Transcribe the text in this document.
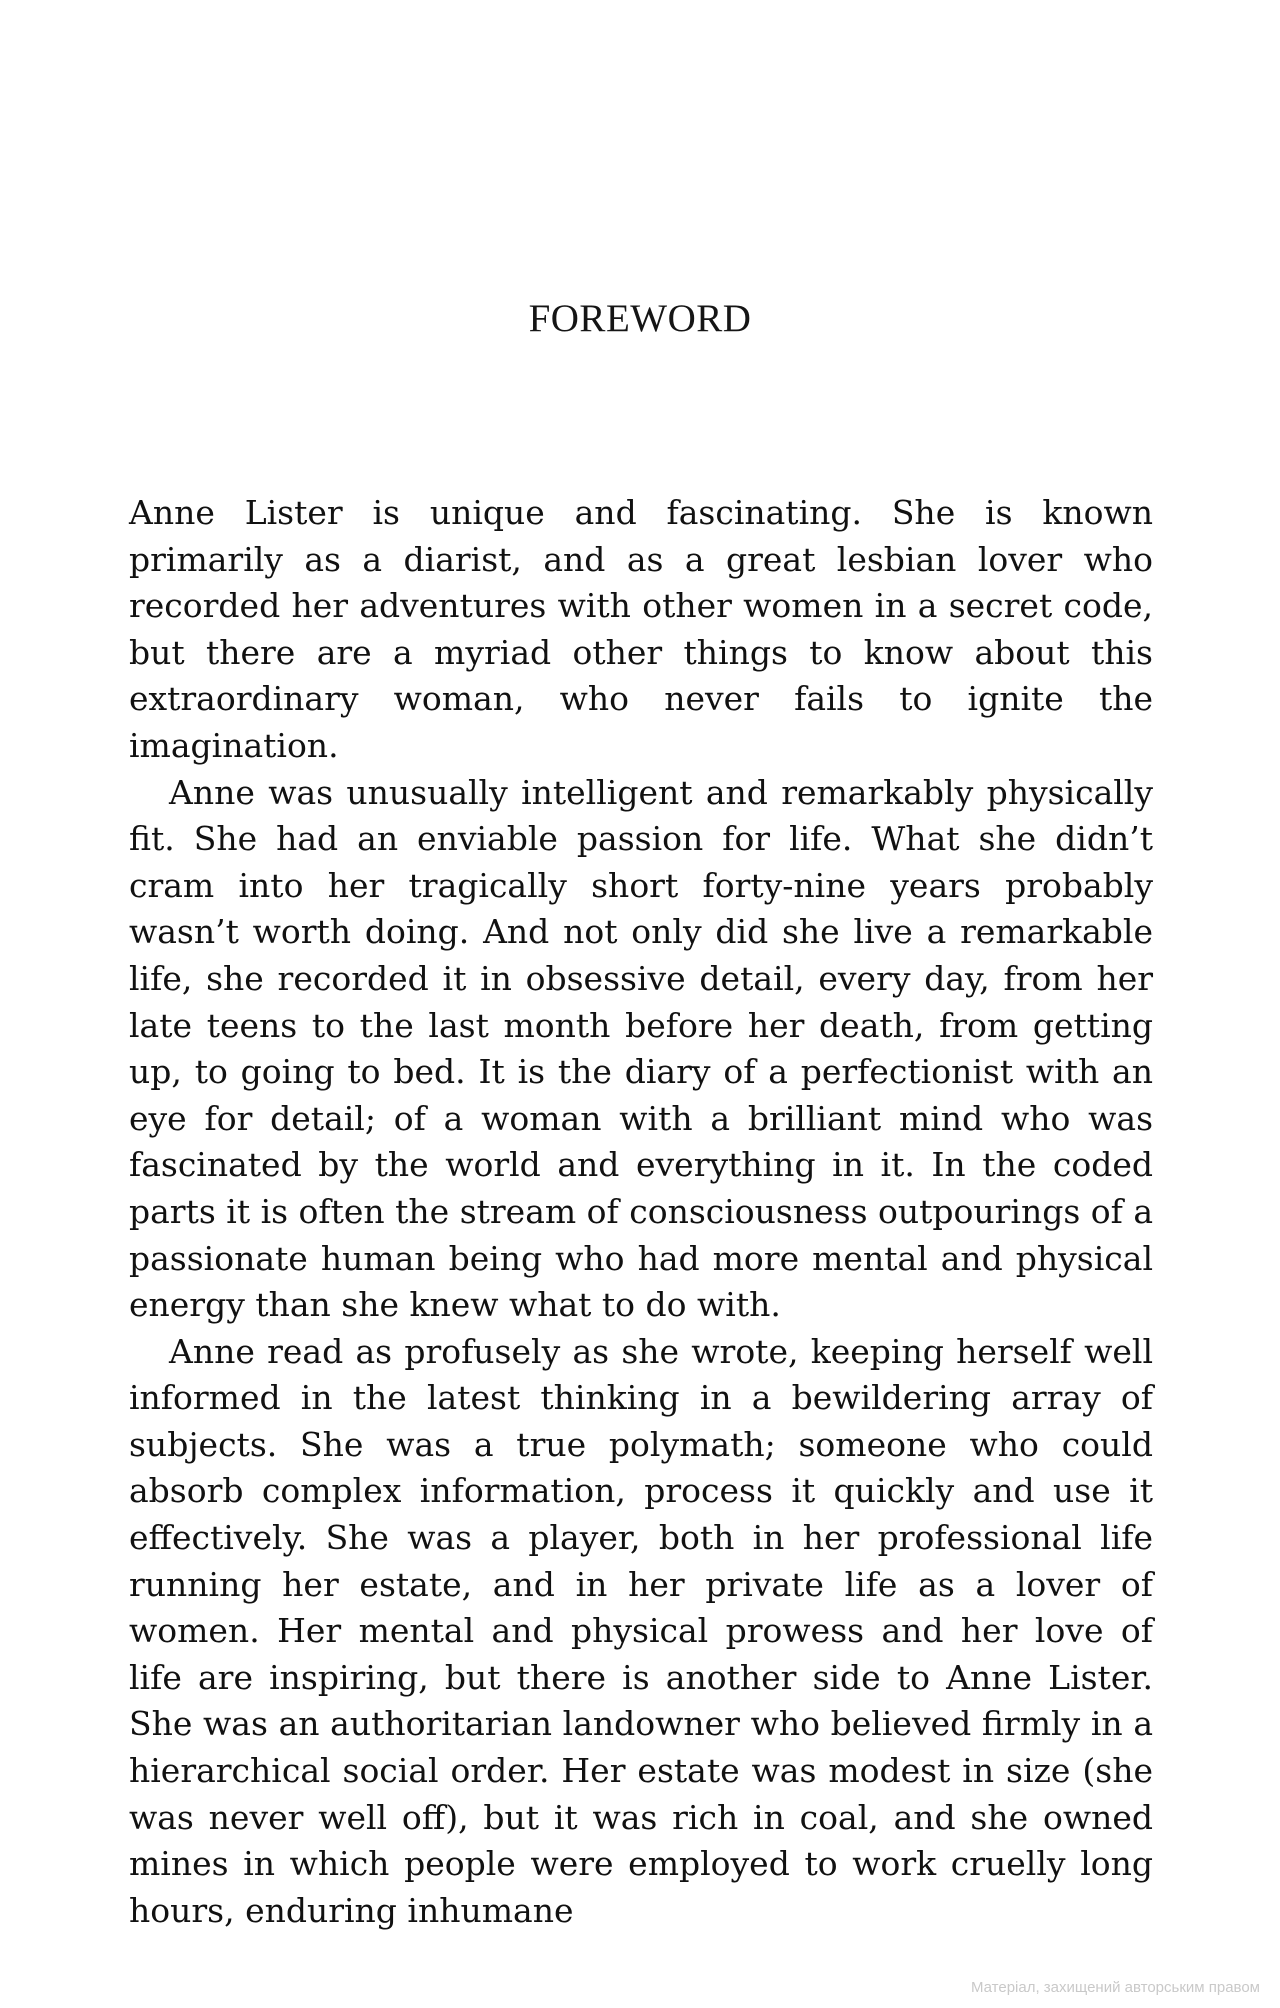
FOREWORD

Anne Lister is unique and fascinating. She is known primarily as a diarist, and as a great lesbian lover who recorded her adventures with other women in a secret code, but there are a myriad other things to know about this extraordinary woman, who never fails to ignite the imagination.

Anne was unusually intelligent and remarkably physically fit. She had an enviable passion for life. What she didn’t cram into her tragically short forty-nine years probably wasn’t worth doing. And not only did she live a remarkable life, she recorded it in obsessive detail, every day, from her late teens to the last month before her death, from getting up, to going to bed. It is the diary of a perfectionist with an eye for detail; of a woman with a brilliant mind who was fascinated by the world and everything in it. In the coded parts it is often the stream of consciousness outpourings of a passionate human being who had more mental and physical energy than she knew what to do with.

Anne read as profusely as she wrote, keeping herself well informed in the latest thinking in a bewildering array of subjects. She was a true polymath; someone who could absorb complex information, process it quickly and use it effectively. She was a player, both in her professional life running her estate, and in her private life as a lover of women. Her mental and physical prowess and her love of life are inspiring, but there is another side to Anne Lister. She was an authoritarian landowner who believed firmly in a hierarchical social order. Her estate was modest in size (she was never well off), but it was rich in coal, and she owned mines in which people were employed to work cruelly long hours, enduring inhumane

Матеріал, захищений авторським правом
